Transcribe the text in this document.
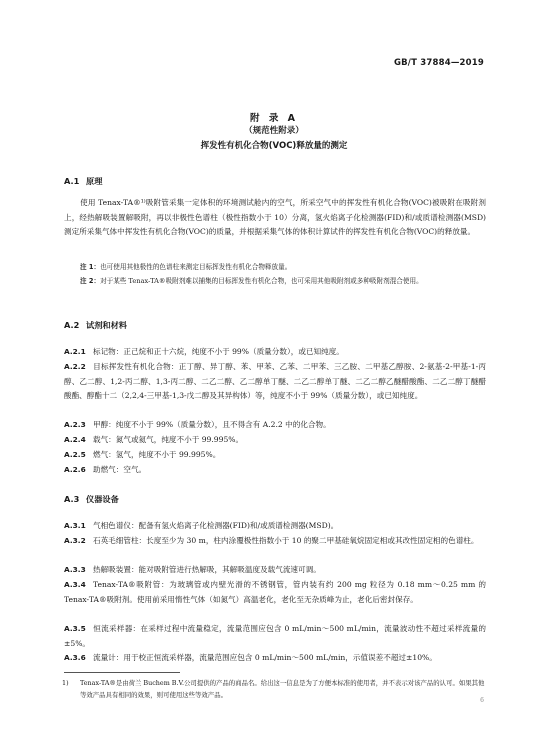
GB/T 37884—2019
附 录 A
（规范性附录）
挥发性有机化合物(VOC)释放量的测定
A.1 原理
使用 Tenax-TA®¹⁾吸附管采集一定体积的环境测试舱内的空气，所采空气中的挥发性有机化合物(VOC)被吸附在吸附剂上，经热解吸装置解吸附，再以非极性色谱柱（极性指数小于 10）分离，氢火焰离子化检测器(FID)和/或质谱检测器(MSD)测定所采集气体中挥发性有机化合物(VOC)的质量，并根据采集气体的体积计算试件的挥发性有机化合物(VOC)的释放量。
注 1：也可使用其他极性的色谱柱来测定目标挥发性有机化合物释放量。
注 2：对于某些 Tenax-TA®吸附剂难以捕集的目标挥发性有机化合物，也可采用其他吸附剂或多种吸附剂混合使用。
A.2 试剂和材料
A.2.1 标记物：正己烷和正十六烷，纯度不小于 99%（质量分数），或已知纯度。
A.2.2 目标挥发性有机化合物：正丁醇、异丁醇、苯、甲苯、乙苯、二甲苯、三乙胺、二甲基乙醇胺、2-氨基-2-甲基-1-丙醇、乙二醇、1,2-丙二醇、1,3-丙二醇、二乙二醇、乙二醇单丁醚、二乙二醇单丁醚、二乙二醇乙醚醋酸酯、二乙二醇丁醚醋酸酯、醇酯十二（2,2,4-三甲基-1,3-戊二醇及其异构体）等，纯度不小于 99%（质量分数），或已知纯度。
A.2.3 甲醇：纯度不小于 99%（质量分数），且不得含有 A.2.2 中的化合物。
A.2.4 载气：氮气或氦气，纯度不小于 99.995%。
A.2.5 燃气：氢气，纯度不小于 99.995%。
A.2.6 助燃气：空气。
A.3 仪器设备
A.3.1 气相色谱仪：配备有氢火焰离子化检测器(FID)和/或质谱检测器(MSD)。
A.3.2 石英毛细管柱：长度至少为 30 m，柱内涂覆极性指数小于 10 的聚二甲基硅氧烷固定相或其改性固定相的色谱柱。
A.3.3 热解吸装置：能对吸附管进行热解吸，其解吸温度及载气流速可调。
A.3.4 Tenax-TA®吸附管：为玻璃管或内壁光滑的不锈钢管，管内装有约 200 mg 粒径为 0.18 mm～0.25 mm 的 Tenax-TA®吸附剂。使用前采用惰性气体（如氮气）高温老化，老化至无杂质峰为止，老化后密封保存。
A.3.5 恒流采样器：在采样过程中流量稳定，流量范围应包含 0 mL/min～500 mL/min，流量波动性不超过采样流量的±5%。
A.3.6 流量计：用于校正恒流采样器，流量范围应包含 0 mL/min～500 mL/min，示值误差不超过±10%。
1) Tenax-TA®是由荷兰 Buchem B.V.公司提供的产品的商品名。给出这一信息是为了方便本标准的使用者，并不表示对该产品的认可。如果其他等效产品具有相同的效果，则可使用这些等效产品。
6
